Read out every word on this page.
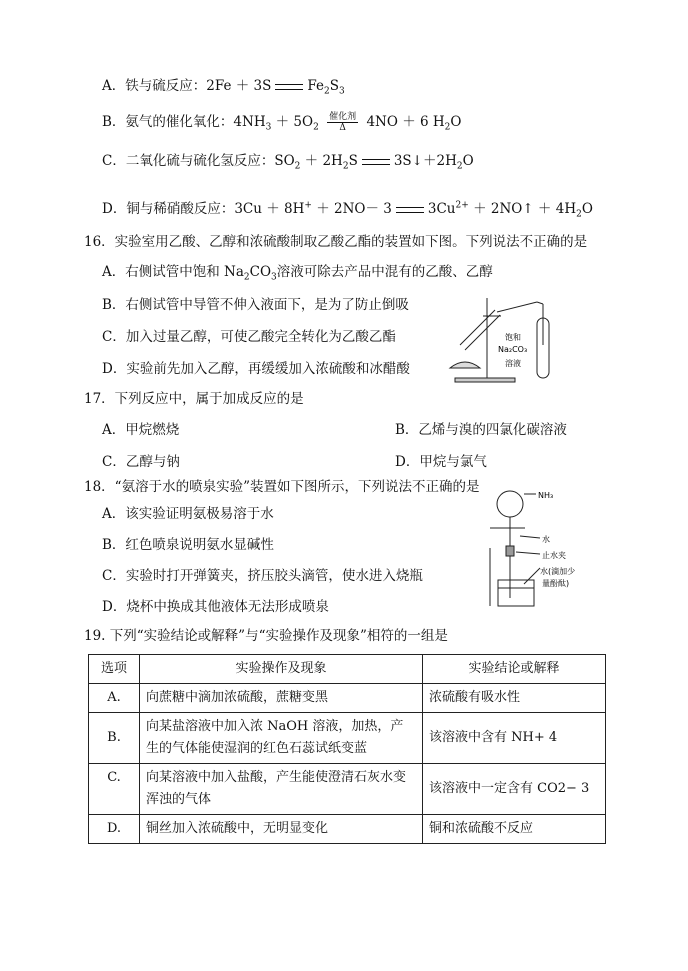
A．铁与硫反应：2Fe ＋ 3S	$Fe_2S_3$
B．氨气的催化氧化：$4NH_3 + 5O_2 \frac{\text{催化剂}}{\Delta} 4NO + 6$ $H_2O$
C．二氧化硫与硫化氢反应：$SO_2 + 2H_2S$	$3S↓+2H_2O$
D．铜与稀硝酸反应：3Cu ＋ 8H+ ＋ 2NO－ 3	$3Cu^{2+}$ ＋ 2NO↑ ＋ $4H_2O$
16．实验室用乙酸、乙醇和浓硫酸制取乙酸乙酯的装置如下图。下列说法不正确的是
A．右侧试管中饱和 $Na_2CO_3$溶液可除去产品中混有的乙酸、乙醇
B．右侧试管中导管不伸入液面下，是为了防止倒吸
C．加入过量乙醇，可使乙酸完全转化为乙酸乙酯
D．实验前先加入乙醇，再缓缓加入浓硫酸和冰醋酸
饱和
Na₂CO₃
溶液
17．下列反应中，属于加成反应的是
A．甲烷燃烧	B．乙烯与溴的四氯化碳溶液
C．乙醇与钠	D．甲烷与氯气
18．“氨溶于水的喷泉实验”装置如下图所示，下列说法不正确的是
A．该实验证明氨极易溶于水
B．红色喷泉说明氨水显碱性
C．实验时打开弹簧夹，挤压胶头滴管，使水进入烧瓶
D．烧杯中换成其他液体无法形成喷泉
NH₃
水
止水夹
水(滴加少
量酚酞)
19. 下列“实验结论或解释”与“实验操作及现象”相符的一组是
选项	实验操作及现象	实验结论或解释
A.	向蔗糖中滴加浓硫酸，蔗糖变黑	浓硫酸有吸水性
B.	向某盐溶液中加入浓 NaOH 溶液，加热，产生的气体能使湿润的红色石蕊试纸变蓝	该溶液中含有 NH+ 4
C.	向某溶液中加入盐酸，产生能使澄清石灰水变浑浊的气体	该溶液中一定含有 CO2− 3
D.	铜丝加入浓硫酸中，无明显变化	铜和浓硫酸不反应
